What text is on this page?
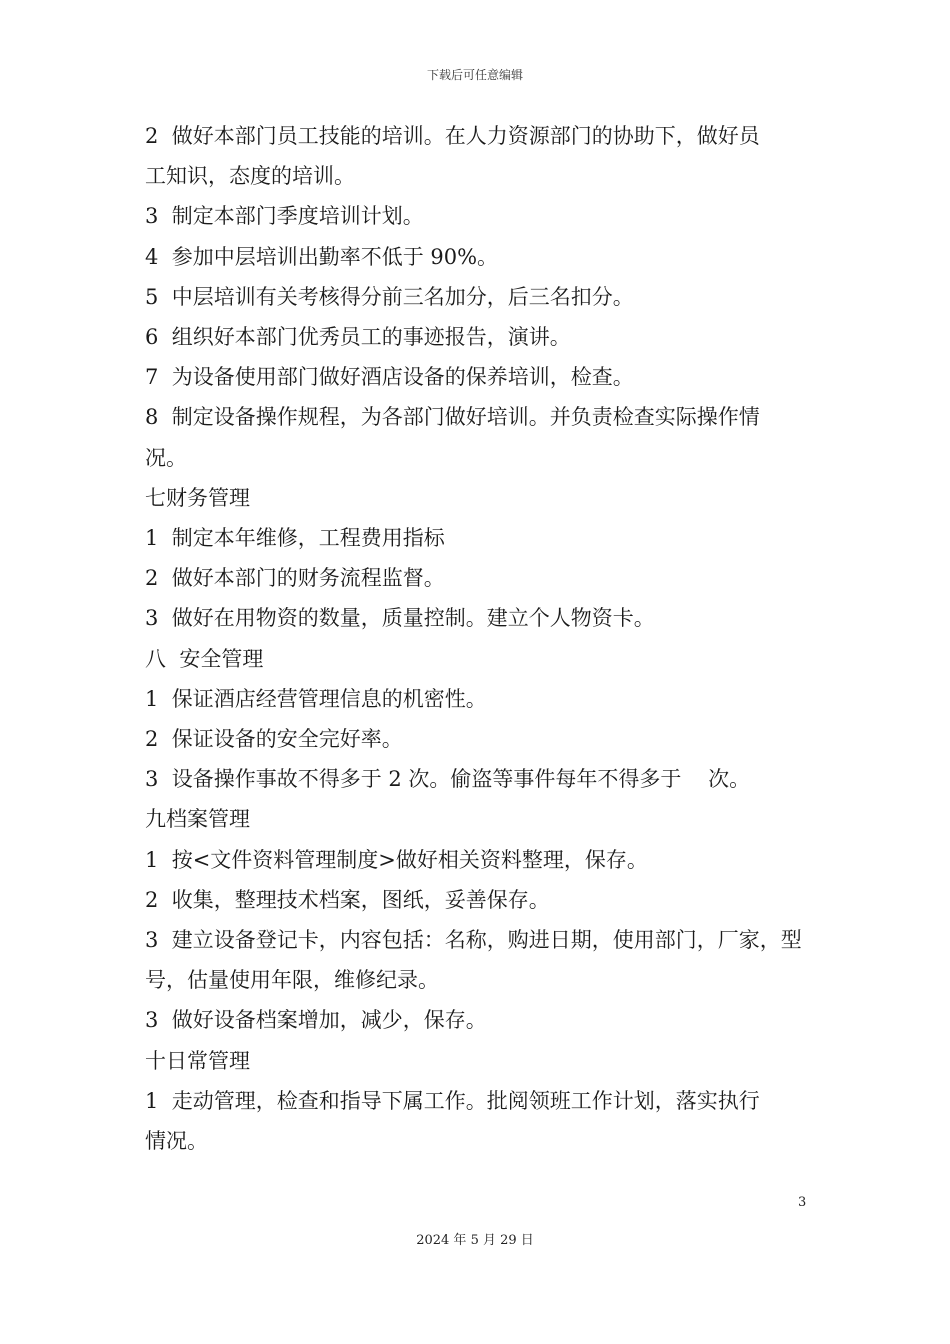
下载后可任意编辑

2  做好本部门员工技能的培训。在人力资源部门的协助下，做好员

工知识，态度的培训。

3  制定本部门季度培训计划。

4  参加中层培训出勤率不低于 90%。

5  中层培训有关考核得分前三名加分，后三名扣分。

6  组织好本部门优秀员工的事迹报告，演讲。

7  为设备使用部门做好酒店设备的保养培训，检查。

8  制定设备操作规程，为各部门做好培训。并负责检查实际操作情

况。

七财务管理

1  制定本年维修，工程费用指标

2  做好本部门的财务流程监督。

3  做好在用物资的数量，质量控制。建立个人物资卡。

八  安全管理

1  保证酒店经营管理信息的机密性。

2  保证设备的安全完好率。

3  设备操作事故不得多于 2 次。偷盗等事件每年不得多于    次。

九档案管理

1  按<文件资料管理制度>做好相关资料整理，保存。

2  收集，整理技术档案，图纸，妥善保存。

3  建立设备登记卡，内容包括：名称，购进日期，使用部门，厂家，型

号，估量使用年限，维修纪录。

3  做好设备档案增加，减少，保存。

十日常管理

1  走动管理，检查和指导下属工作。批阅领班工作计划，落实执行

情况。

3
2024 年 5 月 29 日
